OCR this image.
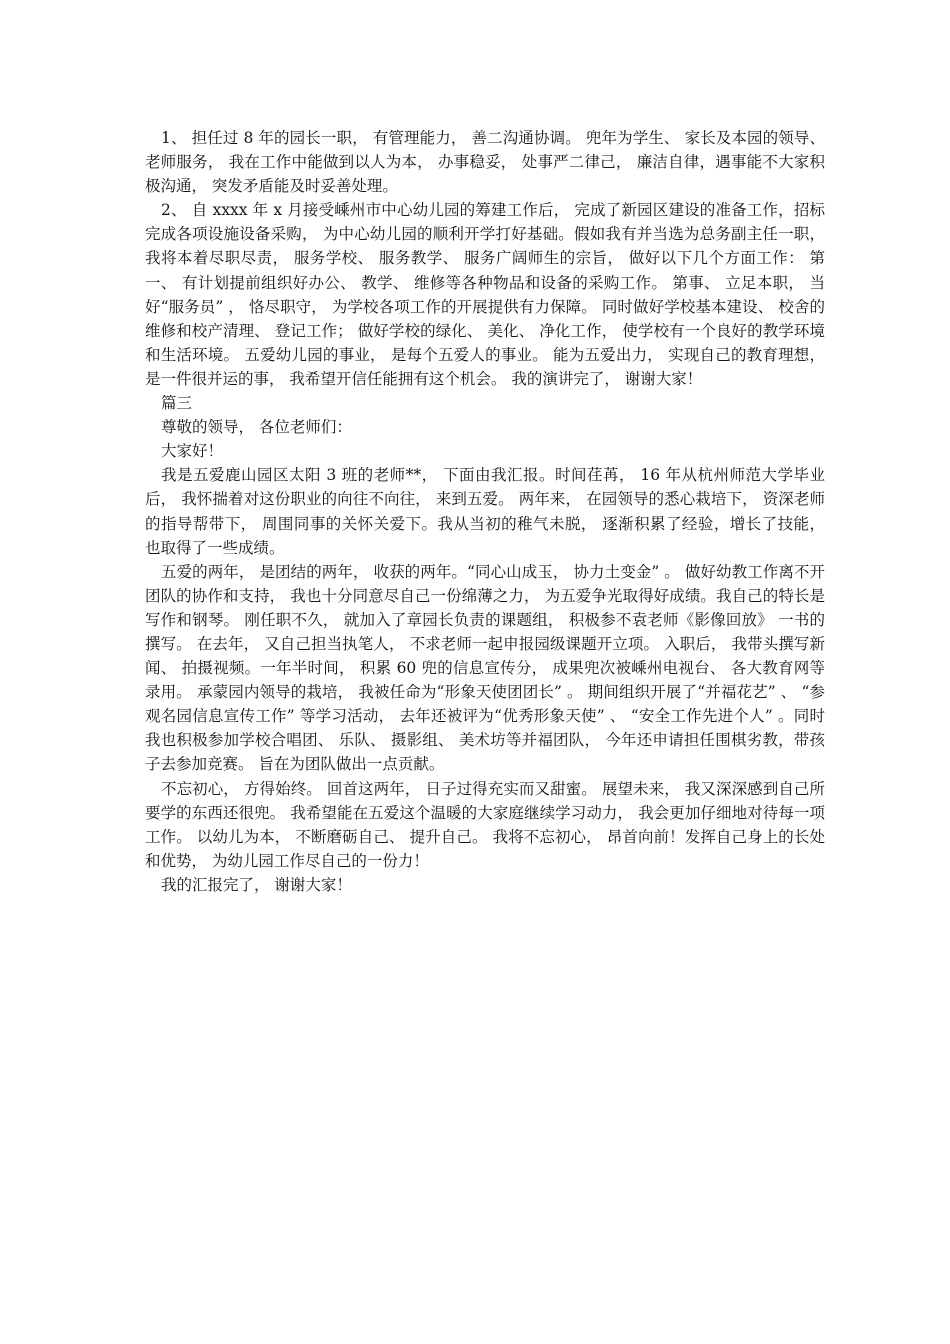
1、 担任过 8 年的园长一职， 有管理能力， 善二沟通协调。 兜年为学生、 家长及本园的领导、 老师服务， 我在工作中能做到以人为本， 办事稳妥， 处事严二律己， 廉洁自律，遇事能不大家积极沟通， 突发矛盾能及时妥善处理。

2、 自 xxxx 年 x 月接受嵊州市中心幼儿园的筹建工作后， 完成了新园区建设的准备工作，招标完成各项设施设备采购， 为中心幼儿园的顺利开学打好基础。假如我有并当选为总务副主任一职， 我将本着尽职尽责， 服务学校、 服务教学、 服务广阔师生的宗旨， 做好以下几个方面工作： 第一、 有计划提前组织好办公、 教学、 维修等各种物品和设备的采购工作。 第事、 立足本职， 当好“服务员” ， 恪尽职守， 为学校各项工作的开展提供有力保障。 同时做好学校基本建设、 校舍的维修和校产清理、 登记工作； 做好学校的绿化、 美化、 净化工作， 使学校有一个良好的教学环境和生活环境。 五爱幼儿园的事业， 是每个五爱人的事业。 能为五爱出力， 实现自己的教育理想， 是一件很并运的事， 我希望开信任能拥有这个机会。 我的演讲完了， 谢谢大家！

篇三

尊敬的领导， 各位老师们：

大家好！

我是五爱鹿山园区太阳 3 班的老师**， 下面由我汇报。时间荏苒， 16 年从杭州师范大学毕业后， 我怀揣着对这份职业的向往不向往， 来到五爱。 两年来， 在园领导的悉心栽培下， 资深老师的指导帮带下， 周围同事的关怀关爱下。我从当初的稚气未脱， 逐渐积累了经验，增长了技能， 也取得了一些成绩。

五爱的两年， 是团结的两年， 收获的两年。“同心山成玉， 协力土变金” 。 做好幼教工作离不开团队的协作和支持， 我也十分同意尽自己一份绵薄之力， 为五爱争光取得好成绩。我自己的特长是写作和钢琴。 刚任职不久， 就加入了章园长负责的课题组， 积极参不袁老师《影像回放》 一书的撰写。 在去年， 又自己担当执笔人， 不求老师一起申报园级课题开立项。 入职后， 我带头撰写新闻、 拍摄视频。一年半时间， 积累 60 兜的信息宣传分， 成果兜次被嵊州电视台、 各大教育网等录用。 承蒙园内领导的栽培， 我被任命为“形象天使团团长” 。 期间组织开展了“并福花艺” 、 “参观名园信息宣传工作” 等学习活动， 去年还被评为“优秀形象天使” 、 “安全工作先进个人” 。同时我也积极参加学校合唱团、 乐队、 摄影组、 美术坊等并福团队， 今年还申请担任围棋劣教，带孩子去参加竞赛。 旨在为团队做出一点贡献。

不忘初心， 方得始终。 回首这两年， 日子过得充实而又甜蜜。 展望未来， 我又深深感到自己所要学的东西还很兜。 我希望能在五爱这个温暖的大家庭继续学习动力， 我会更加仔细地对待每一项工作。 以幼儿为本， 不断磨砺自己、 提升自己。 我将不忘初心， 昂首向前！发挥自己身上的长处和优势， 为幼儿园工作尽自己的一份力！

我的汇报完了， 谢谢大家！
